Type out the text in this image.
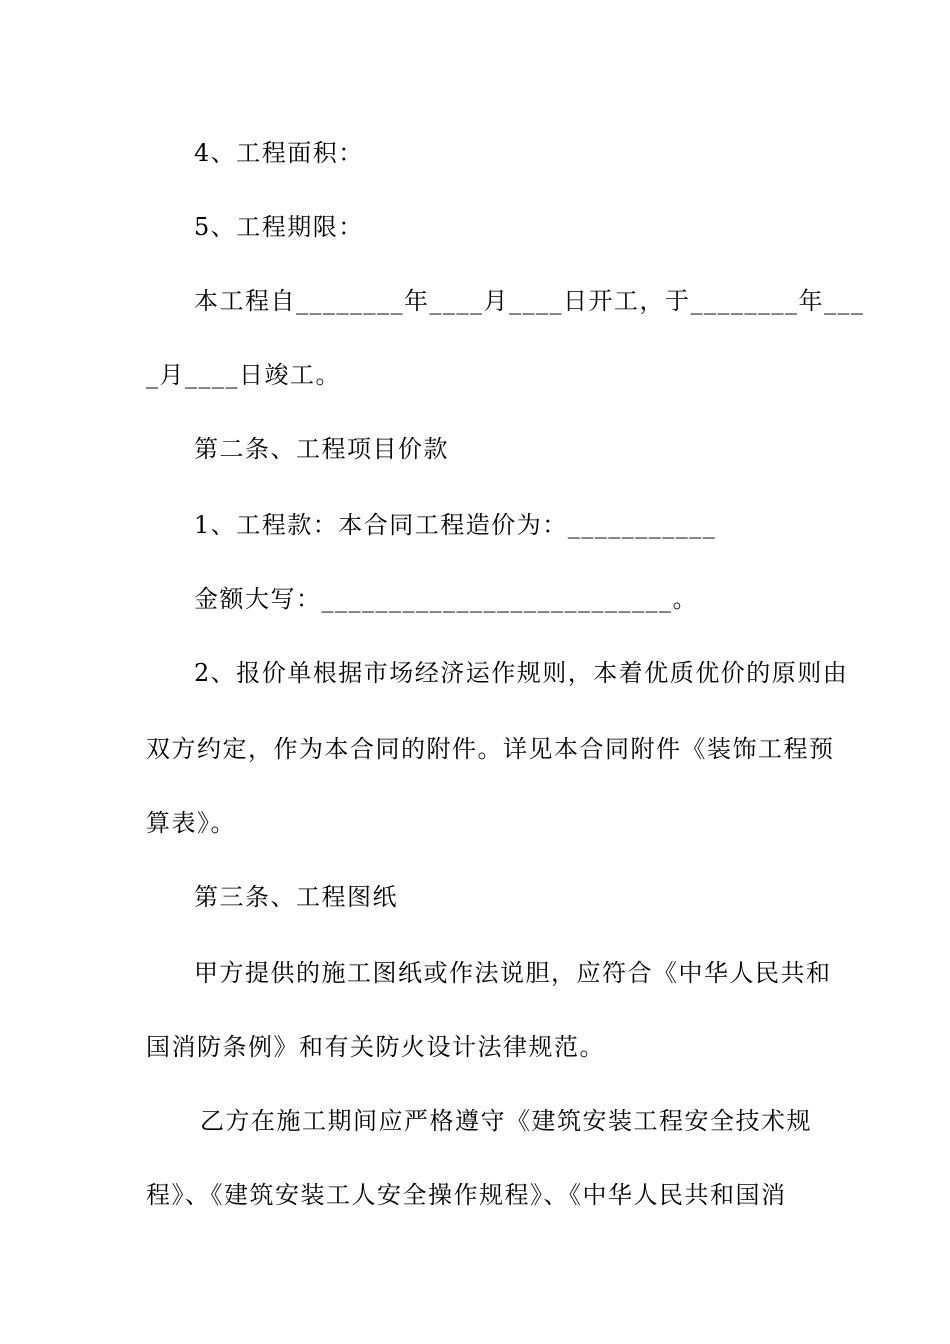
4、工程面积：
5、工程期限：
本工程自________年____月____日开工，于________年___
_月____日竣工。
第二条、工程项目价款
1、工程款：本合同工程造价为：___________
金额大写：__________________________。
2、报价单根据市场经济运作规则，本着优质优价的原则由
双方约定，作为本合同的附件。详见本合同附件《装饰工程预
算表》。
第三条、工程图纸
甲方提供的施工图纸或作法说胆，应符合《中华人民共和
国消防条例》和有关防火设计法律规范。
乙方在施工期间应严格遵守《建筑安装工程安全技术规
程》、《建筑安装工人安全操作规程》、《中华人民共和国消
